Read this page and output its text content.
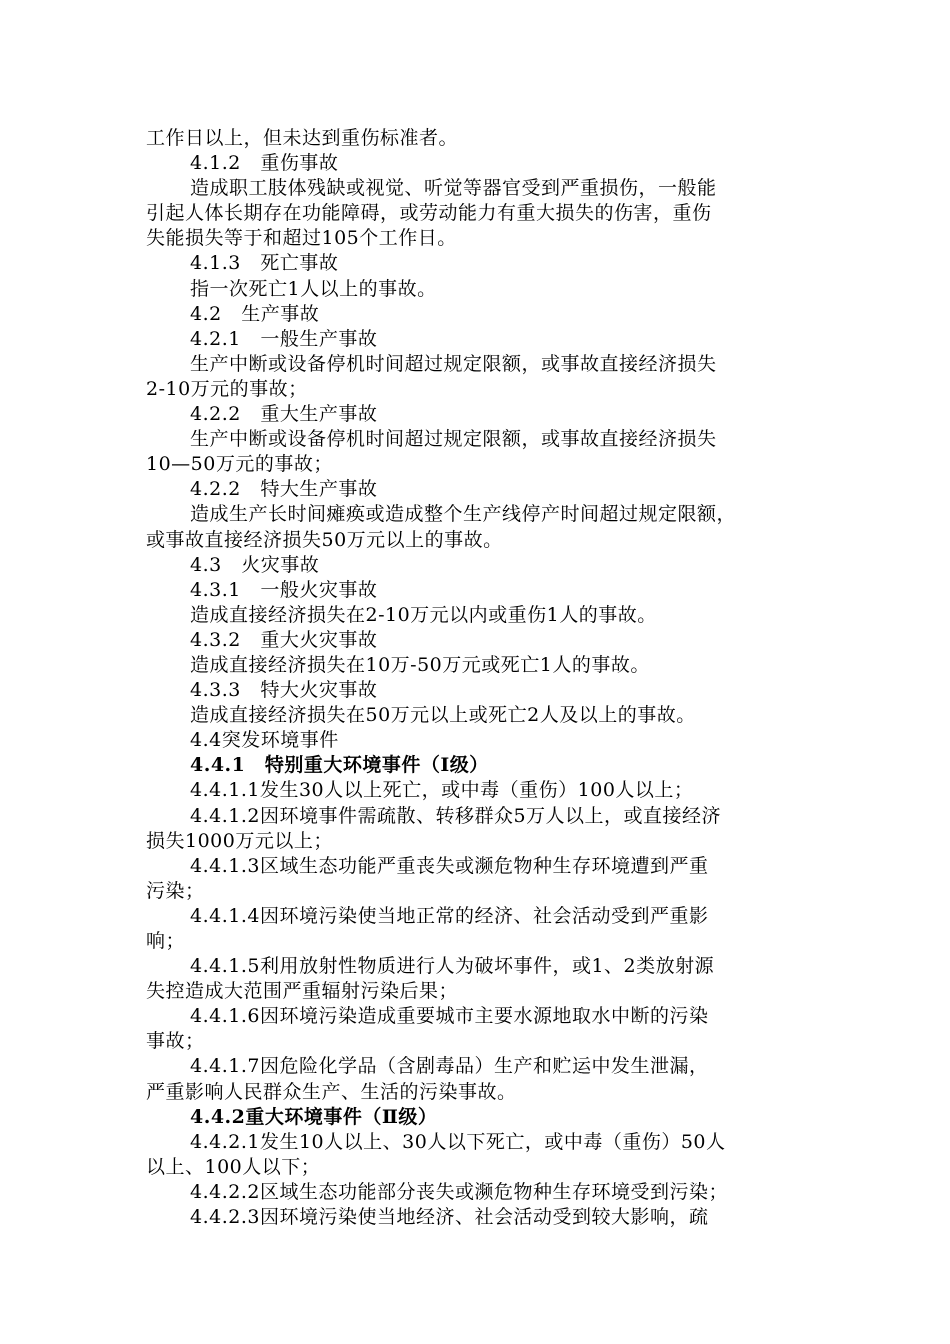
工作日以上，但未达到重伤标准者。
4.1.2　重伤事故
造成职工肢体残缺或视觉、听觉等器官受到严重损伤，一般能
引起人体长期存在功能障碍，或劳动能力有重大损失的伤害，重伤
失能损失等于和超过105个工作日。
4.1.3　死亡事故
指一次死亡1人以上的事故。
4.2　生产事故
4.2.1　一般生产事故
生产中断或设备停机时间超过规定限额，或事故直接经济损失
2-10万元的事故；
4.2.2　重大生产事故
生产中断或设备停机时间超过规定限额，或事故直接经济损失
10—50万元的事故；
4.2.2　特大生产事故
造成生产长时间瘫痪或造成整个生产线停产时间超过规定限额，
或事故直接经济损失50万元以上的事故。
4.3　火灾事故
4.3.1　一般火灾事故
造成直接经济损失在2-10万元以内或重伤1人的事故。
4.3.2　重大火灾事故
造成直接经济损失在10万-50万元或死亡1人的事故。
4.3.3　特大火灾事故
造成直接经济损失在50万元以上或死亡2人及以上的事故。
4.4突发环境事件
4.4.1　特别重大环境事件（Ⅰ级）
4.4.1.1发生30人以上死亡，或中毒（重伤）100人以上；
4.4.1.2因环境事件需疏散、转移群众5万人以上，或直接经济
损失1000万元以上；
4.4.1.3区域生态功能严重丧失或濒危物种生存环境遭到严重
污染；
4.4.1.4因环境污染使当地正常的经济、社会活动受到严重影
响；
4.4.1.5利用放射性物质进行人为破坏事件，或1、2类放射源
失控造成大范围严重辐射污染后果；
4.4.1.6因环境污染造成重要城市主要水源地取水中断的污染
事故；
4.4.1.7因危险化学品（含剧毒品）生产和贮运中发生泄漏，
严重影响人民群众生产、生活的污染事故。
4.4.2重大环境事件（Ⅱ级）
4.4.2.1发生10人以上、30人以下死亡，或中毒（重伤）50人
以上、100人以下；
4.4.2.2区域生态功能部分丧失或濒危物种生存环境受到污染；
4.4.2.3因环境污染使当地经济、社会活动受到较大影响，疏
